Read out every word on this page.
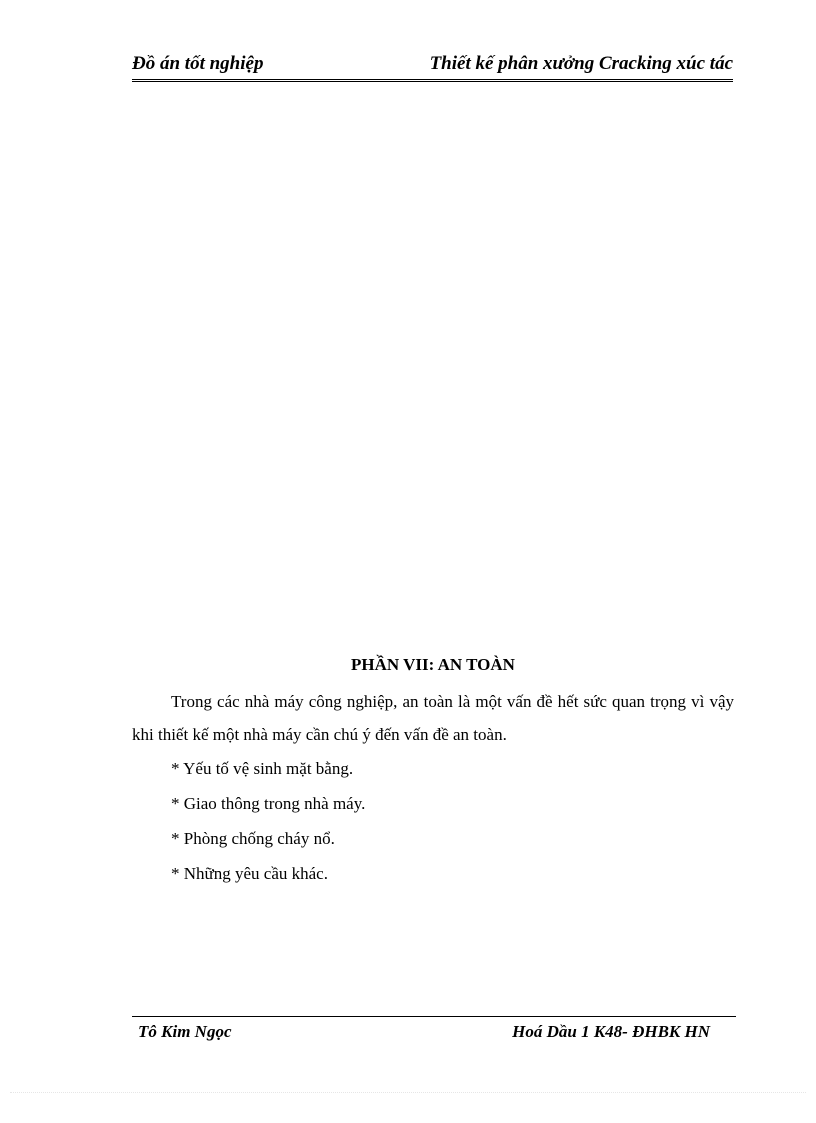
Đồ án tốt nghiệp	Thiết kế phân xưởng Cracking xúc tác

PHẦN VII: AN TOÀN

Trong các nhà máy công nghiệp, an toàn là một vấn đề hết sức quan trọng vì vậy khi thiết kế một nhà máy cần chú ý đến vấn đề an toàn.

* Yếu tố vệ sinh mặt bằng.

* Giao thông trong nhà máy.

* Phòng chống cháy nổ.

* Những yêu cầu khác.

Tô Kim Ngọc	Hoá Dầu 1 K48- ĐHBK HN
